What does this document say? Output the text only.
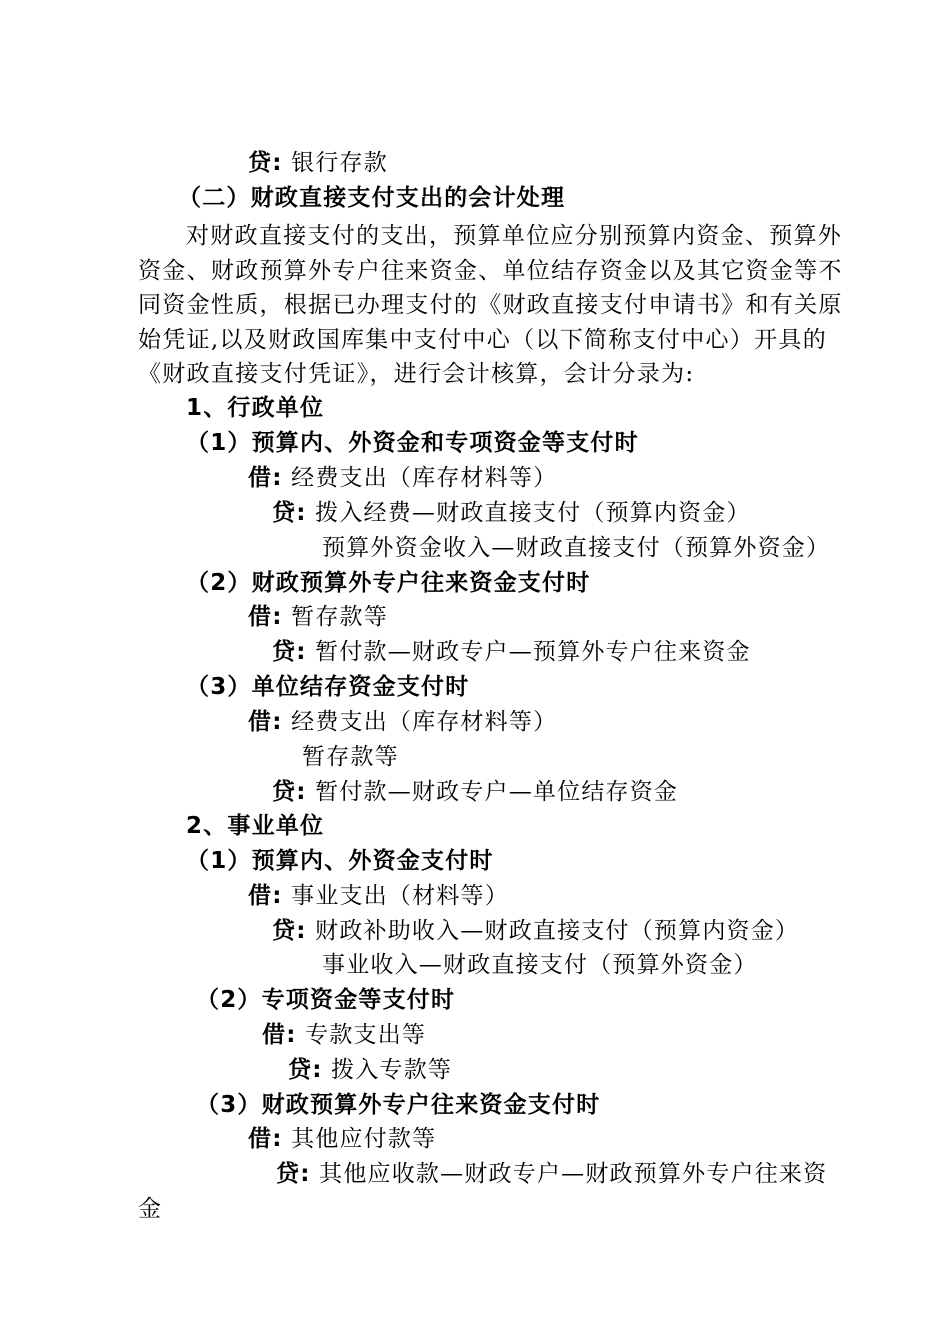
贷: 银行存款
（二）财政直接支付支出的会计处理
对财政直接支付的支出，预算单位应分别预算内资金、预算外
资金、财政预算外专户往来资金、单位结存资金以及其它资金等不
同资金性质，根据已办理支付的《财政直接支付申请书》和有关原
始凭证,以及财政国库集中支付中心（以下简称支付中心）开具的
《财政直接支付凭证》，进行会计核算，会计分录为:
1、行政单位
（1）预算内、外资金和专项资金等支付时
借: 经费支出（库存材料等）
贷: 拨入经费—财政直接支付（预算内资金）
预算外资金收入—财政直接支付（预算外资金）
（2）财政预算外专户往来资金支付时
借: 暂存款等
贷: 暂付款—财政专户—预算外专户往来资金
（3）单位结存资金支付时
借: 经费支出（库存材料等）
暂存款等
贷: 暂付款—财政专户—单位结存资金
2、事业单位
（1）预算内、外资金支付时
借: 事业支出（材料等）
贷: 财政补助收入—财政直接支付（预算内资金）
事业收入—财政直接支付（预算外资金）
（2）专项资金等支付时
借: 专款支出等
贷: 拨入专款等
（3）财政预算外专户往来资金支付时
借: 其他应付款等
贷: 其他应收款—财政专户—财政预算外专户往来资
金
